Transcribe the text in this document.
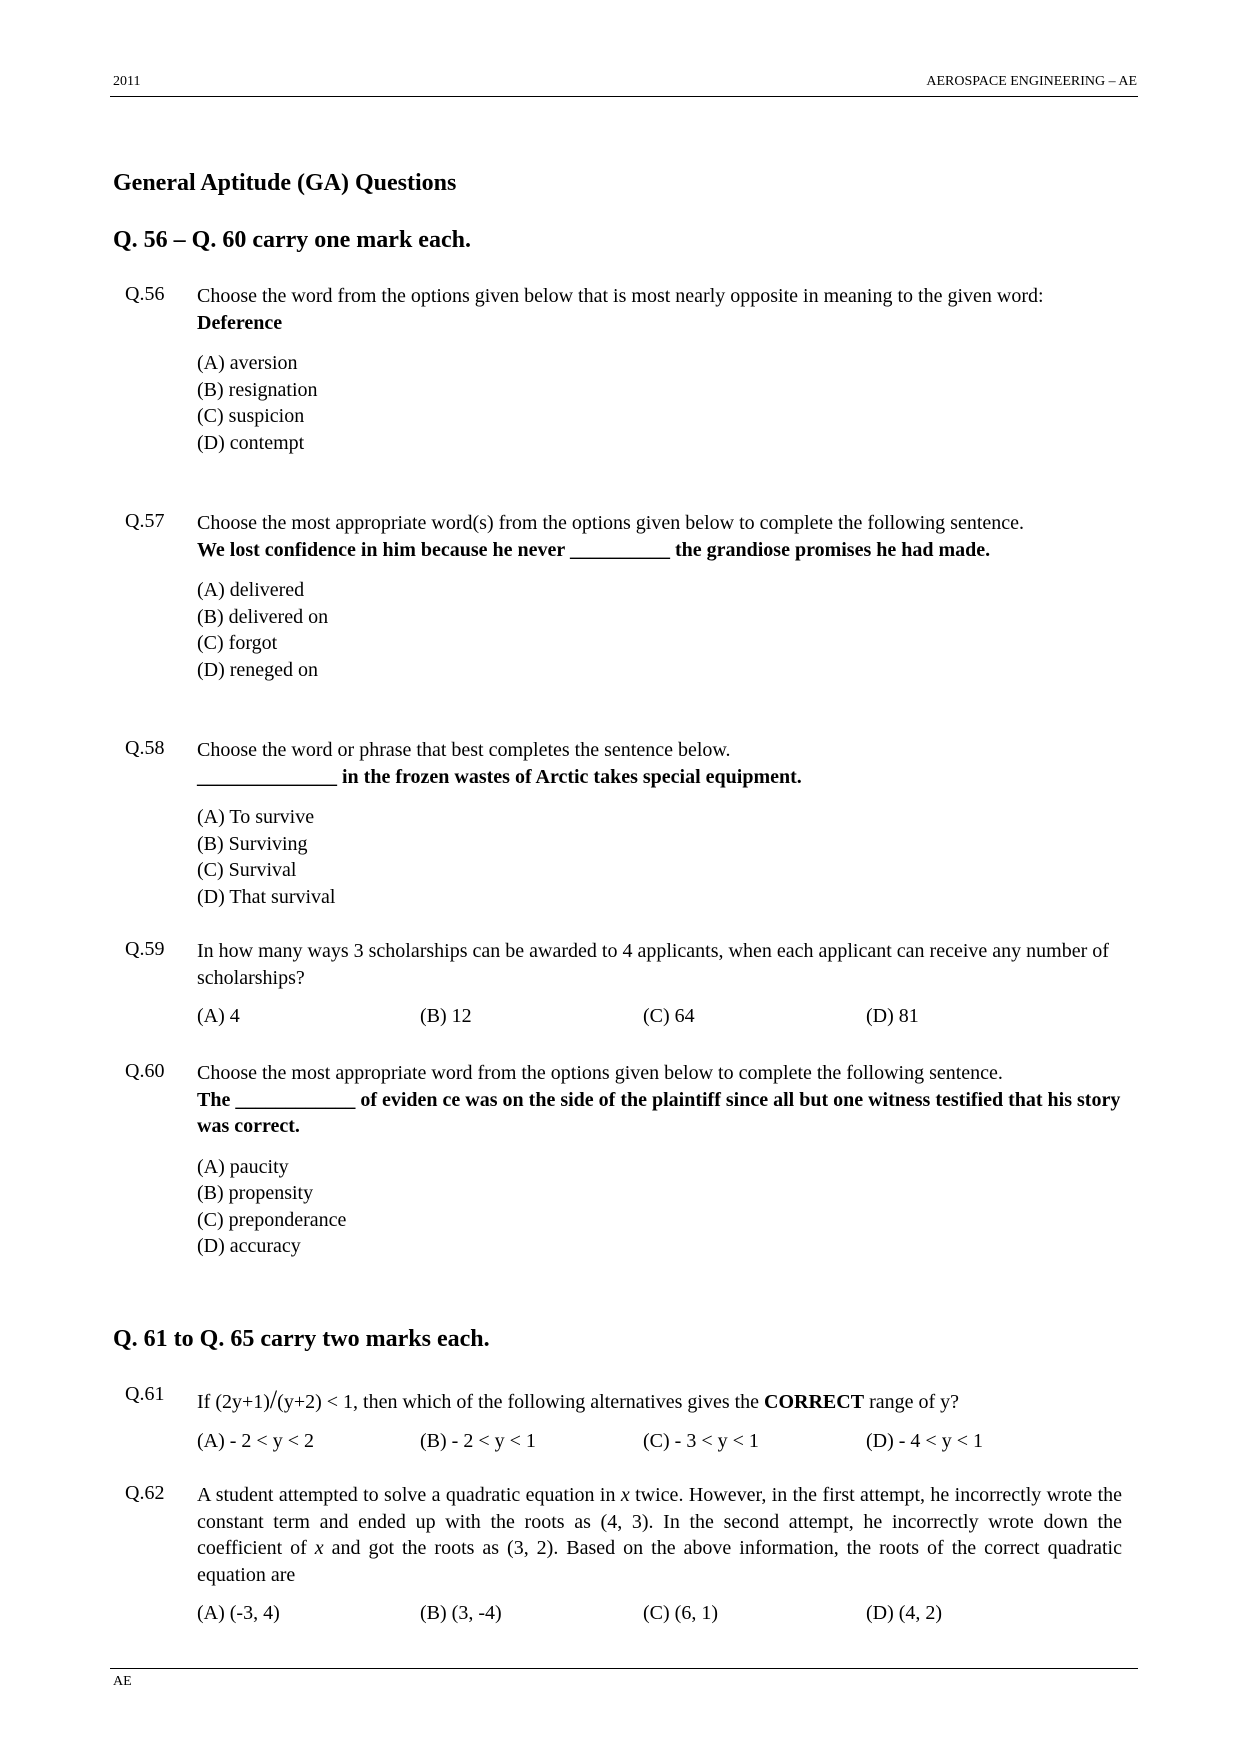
2011	AEROSPACE ENGINEERING – AE
General Aptitude (GA) Questions
Q. 56 – Q. 60 carry one mark each.
Q.56 Choose the word from the options given below that is most nearly opposite in meaning to the given word:

Deference

(A) aversion
(B) resignation
(C) suspicion
(D) contempt
Q.57 Choose the most appropriate word(s) from the options given below to complete the following sentence.

We lost confidence in him because he never __________ the grandiose promises he had made.

(A) delivered
(B) delivered on
(C) forgot
(D) reneged on
Q.58 Choose the word or phrase that best completes the sentence below.

______________ in the frozen wastes of Arctic takes special equipment.

(A) To survive
(B) Surviving
(C) Survival
(D) That survival
Q.59 In how many ways 3 scholarships can be awarded to 4 applicants, when each applicant can receive any number of scholarships?

(A) 4	(B) 12	(C) 64	(D) 81
Q.60 Choose the most appropriate word from the options given below to complete the following sentence.

The ____________ of eviden ce was on the side of the plaintiff since all but one witness testified that his story was correct.

(A) paucity
(B) propensity
(C) preponderance
(D) accuracy
Q. 61 to Q. 65 carry two marks each.
Q.61 If (2y+1)/(y+2) < 1, then which of the following alternatives gives the CORRECT range of y?

(A) - 2 < y < 2	(B) - 2 < y < 1	(C) - 3 < y < 1	(D) - 4 < y < 1
Q.62 A student attempted to solve a quadratic equation in x twice. However, in the first attempt, he incorrectly wrote the constant term and ended up with the roots as (4, 3). In the second attempt, he incorrectly wrote down the coefficient of x and got the roots as (3, 2). Based on the above information, the roots of the correct quadratic equation are

(A) (-3, 4)	(B) (3, -4)	(C) (6, 1)	(D) (4, 2)
AE
